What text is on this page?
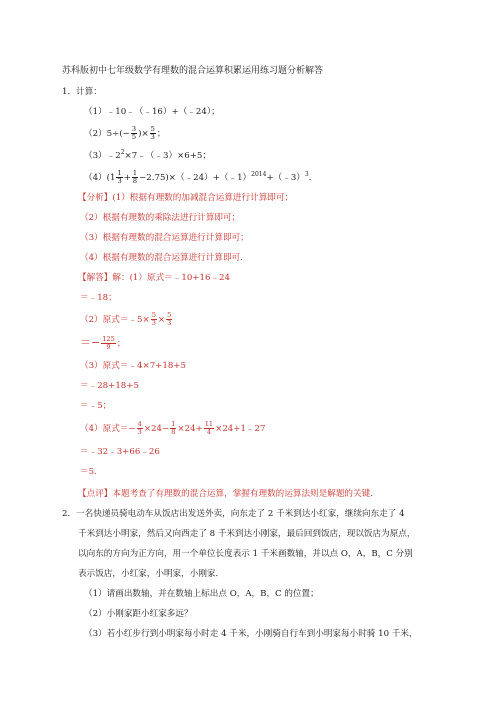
苏科版初中七年级数学有理数的混合运算积累运用练习题分析解答
1．计算：
（1）﹣10﹣（﹣16）+（﹣24）；
$(2)5\div(- \frac{3}{5}$ )× $\frac{5}{3}$ ；
$(3)﹣2^2\times 7﹣(﹣3)\times 6+5$；
$(4)(1 \frac{1}{3} + \frac{1}{8}$ −2.75)×（﹣24）+（﹣1）$^{2014}$+（﹣3）$^3$．
【分析】(1）根据有理数的加减混合运算进行计算即可；
（2）根据有理数的乘除法进行计算即可；
（3）根据有理数的混合运算进行计算即可；
（4）根据有理数的混合运算进行计算即可．
【解答】解：(1）原式＝﹣10+16﹣24
＝﹣18；
（2）原式＝﹣5× $\frac{5}{3} \times \frac{5}{3}$
＝− $\frac{125}{9}$ ；
（3）原式＝﹣4×7+18+5
＝﹣28+18+5
＝﹣5；
（4）原式＝− $\frac{4}{3} \times 24- \frac{1}{8} \times 24+ \frac{11}{4}$ ×24+1﹣27
＝﹣32﹣3+66﹣26
＝5．
【点评】本题考查了有理数的混合运算，掌握有理数的运算法则是解题的关键．
2．一名快递员骑电动车从饭店出发送外卖，向东走了 2 千米到达小红家，继续向东走了 4
千米到达小明家，然后又向西走了 8 千米到达小刚家，最后回到饭店，现以饭店为原点，
以向东的方向为正方向，用一个单位长度表示 1 千米画数轴，并以点 O，A，B，C 分别
表示饭店，小红家，小明家，小刚家．
（1）请画出数轴，并在数轴上标出点 O，A，B，C 的位置；
（2）小刚家距小红家多远？
（3）若小红步行到小明家每小时走 4 千米，小刚骑自行车到小明家每小时骑 10 千米，
